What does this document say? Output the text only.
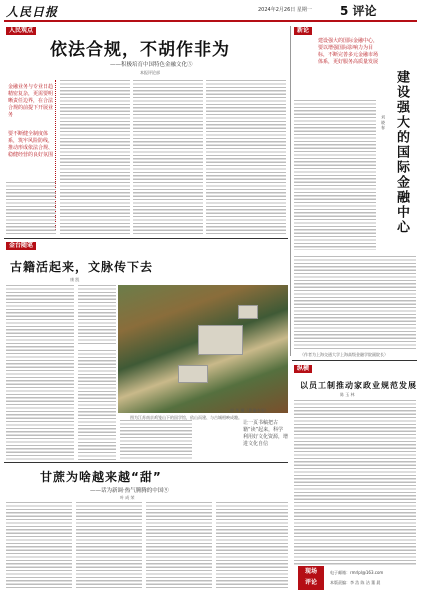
人民日报	2024年2月26日 星期一 5 评论
人民观点
依法合规，不胡作非为
——积极培育中国特色金融文化⑤
本报评论部
金融业务与专业日趋精密复杂，更需要明晰责任边界，在合法合规的前提下开展业务
要不断健全制度体系，筑牢风险防线，推动形成依法合规、稳健经营的良好氛围
新论
建设强大的国际金融中心，要以增强国际影响力为目标，不断完善多元金融市场体系，更好服务高质量发展
建设强大的国际金融中心
刘 晓 春
（作者为上海交通大学上海高级金融学院副院长）
金台随笔
古籍活起来，文脉传下去
康 凯
图为江苏南京鸡笼山下的国学馆，依山而建、与古城相映成趣。
郭 华 摄（影像中国）
让一页书稿把古籍“读”起来，科学利用好文化资源，增进文化自信
甘蔗为啥越来越“甜”
——话为新调·热气腾腾的中国⑨
叶 成 荣
纵横
以员工制推动家政业规范发展
陈 玉 林
现场
评论
电子邮箱：rmrlpl@163.com
本版责编：李 浩 陈 洁 董 晨
